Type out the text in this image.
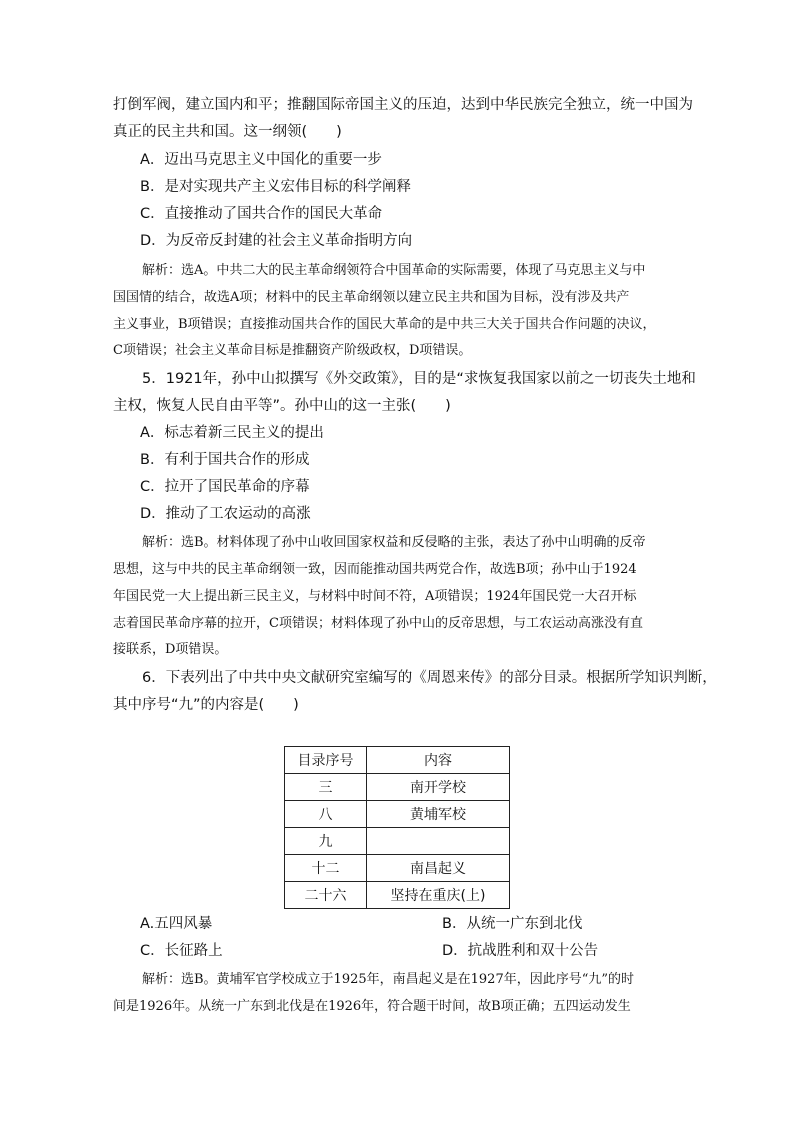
打倒军阀，建立国内和平；推翻国际帝国主义的压迫，达到中华民族完全独立，统一中国为
真正的民主共和国。这一纲领(　　)
A．迈出马克思主义中国化的重要一步
B．是对实现共产主义宏伟目标的科学阐释
C．直接推动了国共合作的国民大革命
D．为反帝反封建的社会主义革命指明方向
解析：选A。中共二大的民主革命纲领符合中国革命的实际需要，体现了马克思主义与中
国国情的结合，故选A项；材料中的民主革命纲领以建立民主共和国为目标，没有涉及共产
主义事业，B项错误；直接推动国共合作的国民大革命的是中共三大关于国共合作问题的决议，
C项错误；社会主义革命目标是推翻资产阶级政权，D项错误。
5．1921年，孙中山拟撰写《外交政策》，目的是“求恢复我国家以前之一切丧失土地和
主权，恢复人民自由平等”。孙中山的这一主张(　　)
A．标志着新三民主义的提出
B．有利于国共合作的形成
C．拉开了国民革命的序幕
D．推动了工农运动的高涨
解析：选B。材料体现了孙中山收回国家权益和反侵略的主张，表达了孙中山明确的反帝
思想，这与中共的民主革命纲领一致，因而能推动国共两党合作，故选B项；孙中山于1924
年国民党一大上提出新三民主义，与材料中时间不符，A项错误；1924年国民党一大召开标
志着国民革命序幕的拉开，C项错误；材料体现了孙中山的反帝思想，与工农运动高涨没有直
接联系，D项错误。
6．下表列出了中共中央文献研究室编写的《周恩来传》的部分目录。根据所学知识判断，
其中序号“九”的内容是(　　)
目录序号	内容
三	南开学校
八	黄埔军校
九	
十二	南昌起义
二十六	坚持在重庆(上)
A.五四风暴	B．从统一广东到北伐
C．长征路上	D．抗战胜利和双十公告
解析：选B。黄埔军官学校成立于1925年，南昌起义是在1927年，因此序号“九”的时
间是1926年。从统一广东到北伐是在1926年，符合题干时间，故B项正确；五四运动发生
